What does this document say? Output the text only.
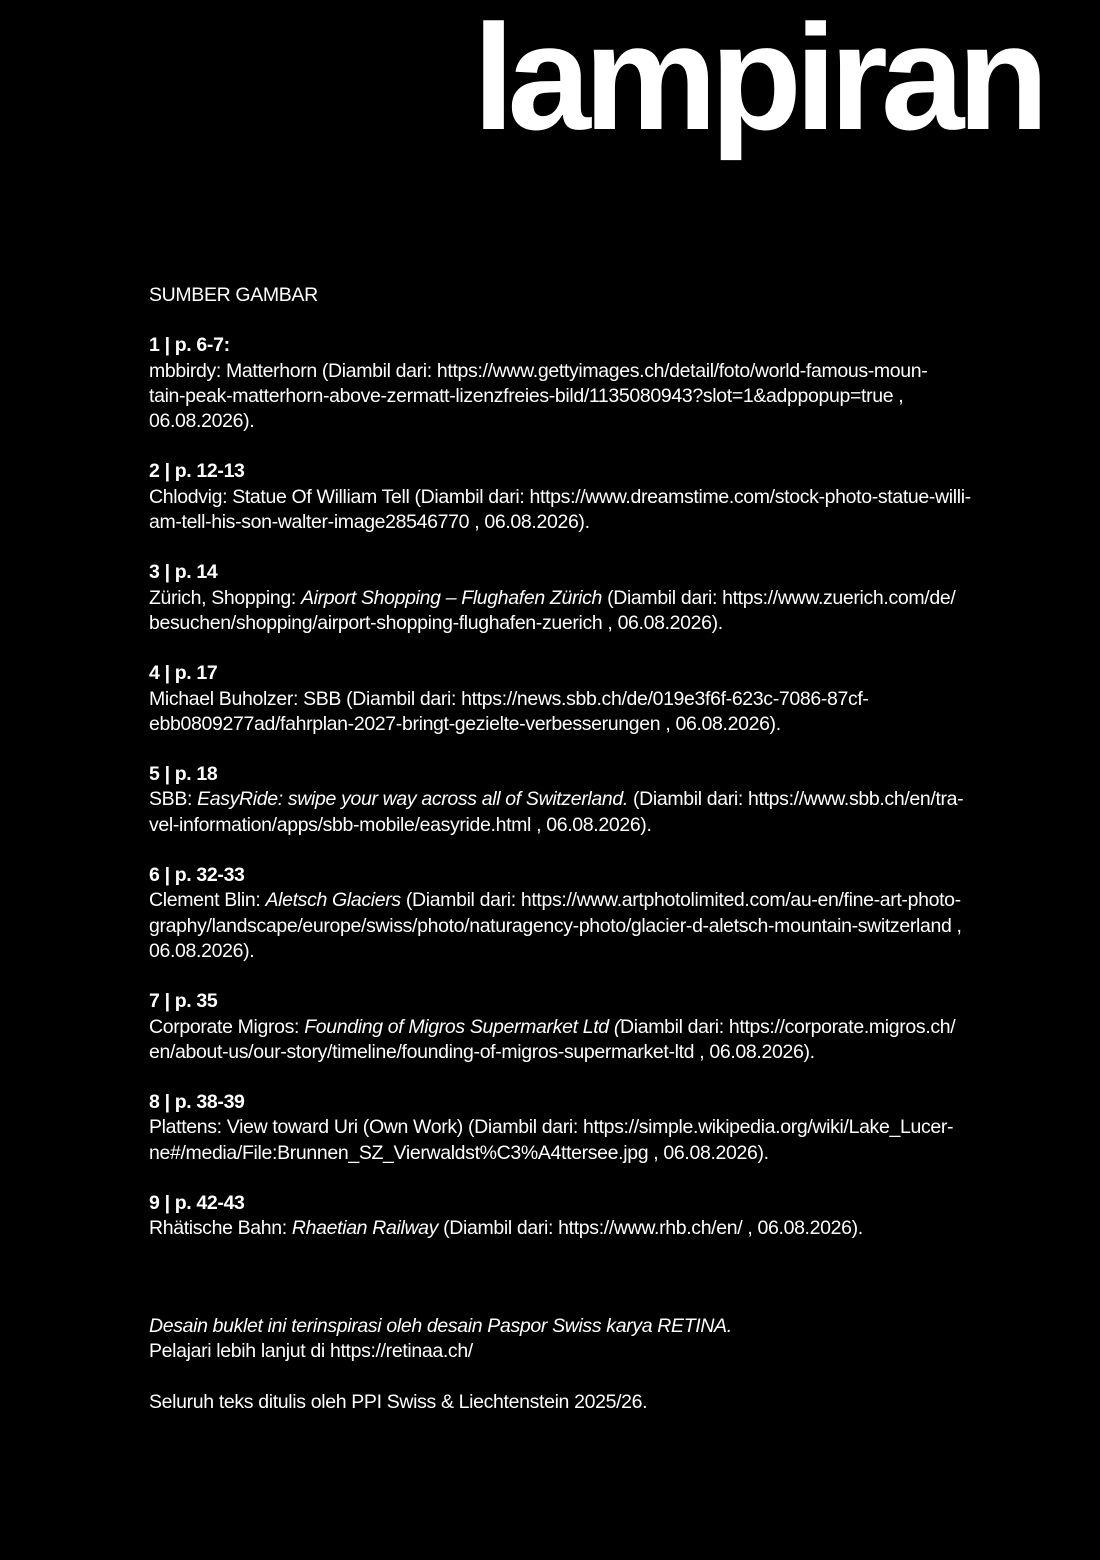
lampiran
SUMBER GAMBAR
1 | p. 6-7:
mbbirdy: Matterhorn (Diambil dari: https://www.gettyimages.ch/detail/foto/world-famous-moun-
tain-peak-matterhorn-above-zermatt-lizenzfreies-bild/1135080943?slot=1&adppopup=true ,
06.08.2026).
2 | p. 12-13
Chlodvig: Statue Of William Tell (Diambil dari: https://www.dreamstime.com/stock-photo-statue-willi-
am-tell-his-son-walter-image28546770 , 06.08.2026).
3 | p. 14
Zürich, Shopping: Airport Shopping – Flughafen Zürich (Diambil dari: https://www.zuerich.com/de/
besuchen/shopping/airport-shopping-flughafen-zuerich , 06.08.2026).
4 | p. 17
Michael Buholzer: SBB (Diambil dari: https://news.sbb.ch/de/019e3f6f-623c-7086-87cf-
ebb0809277ad/fahrplan-2027-bringt-gezielte-verbesserungen , 06.08.2026).
5 | p. 18
SBB: EasyRide: swipe your way across all of Switzerland. (Diambil dari: https://www.sbb.ch/en/tra-
vel-information/apps/sbb-mobile/easyride.html , 06.08.2026).
6 | p. 32-33
Clement Blin: Aletsch Glaciers (Diambil dari: https://www.artphotolimited.com/au-en/fine-art-photo-
graphy/landscape/europe/swiss/photo/naturagency-photo/glacier-d-aletsch-mountain-switzerland ,
06.08.2026).
7 | p. 35
Corporate Migros: Founding of Migros Supermarket Ltd (Diambil dari: https://corporate.migros.ch/
en/about-us/our-story/timeline/founding-of-migros-supermarket-ltd , 06.08.2026).
8 | p. 38-39
Plattens: View toward Uri (Own Work) (Diambil dari: https://simple.wikipedia.org/wiki/Lake_Lucer-
ne#/media/File:Brunnen_SZ_Vierwaldst%C3%A4ttersee.jpg , 06.08.2026).
9 | p. 42-43
Rhätische Bahn: Rhaetian Railway (Diambil dari: https://www.rhb.ch/en/ , 06.08.2026).
Desain buklet ini terinspirasi oleh desain Paspor Swiss karya RETINA.
Pelajari lebih lanjut di https://retinaa.ch/
Seluruh teks ditulis oleh PPI Swiss & Liechtenstein 2025/26.
